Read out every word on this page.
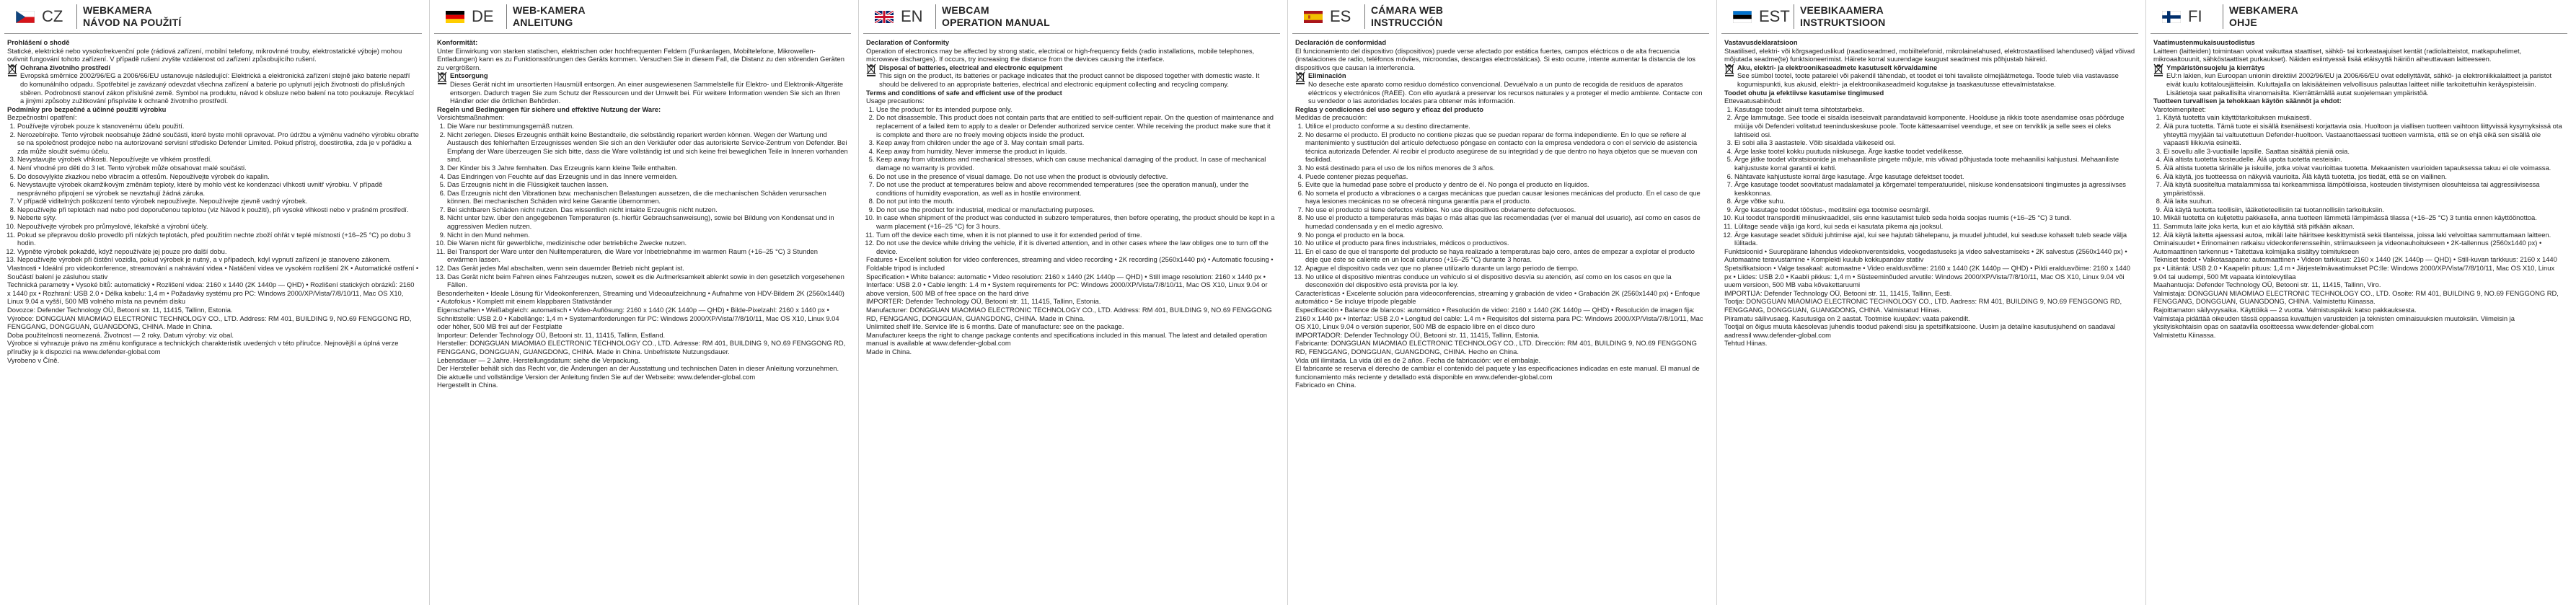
CZ	WEBKAMERA
NÁVOD NA POUŽITÍ

Prohlášení o shodě

Statické, elektrické nebo vysokofrekvenční pole (rádiová zařízení, mobilní telefony, mikrovlnné trouby, elektrostatické výboje) mohou ovlivnit fungování tohoto zařízení. V případě rušení zvyšte vzdálenost od zařízení způsobujícího rušení.

Ochrana životního prostředí
Evropská směrnice 2002/96/EG a 2006/66/EU ustanovuje následující: Elektrická a elektronická zařízení stejně jako baterie nepatří do komunálního odpadu. Spotřebitel je zavázaný odevzdat všechna zařízení a baterie po uplynutí jejich životnosti do příslušných sběren. Podrobnosti stanoví zákon příslušné země. Symbol na produktu, návod k obsluze nebo balení na toto poukazuje. Recyklací a jinými způsoby zužitkování přispíváte k ochraně životního prostředí.

Podmínky pro bezpečné a účinné použití výrobku

Bezpečnostní opatření:

1. Používejte výrobek pouze k stanovenému účelu použití.
2. Nerozebírejte. Tento výrobek neobsahuje žádné součásti, které byste mohli opravovat. Pro údržbu a výměnu vadného výrobku obraťte se na společnost prodejce nebo na autorizované servisní středisko Defender Limited. Pokud přístroj, doestirotka, zda je v pořádku a zda může sloužit svému účelu.
3. Nevystavujte výrobek vlhkosti. Nepoužívejte ve vlhkém prostředí.
4. Není vhodné pro děti do 3 let. Tento výrobek může obsahovat malé součásti.
5. Do dosovylykte zkazkou nebo vibracím a otřesům. Nepoužívejte výrobek do kapalin.
6. Nevystavujte výrobek okamžikovým změnám teploty, které by mohlo vést ke kondenzaci vlhkosti uvnitř výrobku. V případě nesprávného připojení se výrobek se nevztahují žádná záruka.
7. V případě viditelných poškození tento výrobek nepoužívejte. Nepoužívejte zjevně vadný výrobek.
8. Nepoužívejte při teplotách nad nebo pod doporučenou teplotou (viz Návod k použití), při vysoké vlhkosti nebo v prašném prostředí.
9. Neberte sýty.
10. Nepoužívejte výrobek pro průmyslové, lékařské a výrobní účely.
11. Pokud se přepravou došlo provedlo při nízkých teplotách, před použitím nechte zboží ohřát v teplé místnosti (+16–25 °C) po dobu 3 hodin.
12. Vypněte výrobek pokaždé, když nepoužíváte jej pouze pro další dobu.
13. Nepoužívejte výrobek při čistění vozidla, pokud výrobek je nutný, a v případech, kdyl vypnutí zařízení je stanoveno zákonem.

Vlastnosti • Ideální pro videokonference, streamování a nahrávání videa • Natáčení videa ve vysokém rozlišení 2K • Automatické ostření • Součástí balení je zásluhou stativ

Technická parametry • Vysoké bitů: automatický • Rozlišení videa: 2160 x 1440 (2K 1440p — QHD) • Rozlišení statických obrázků: 2160 x 1440 px • Rozhraní: USB 2.0 • Délka kabelu: 1,4 m • Požadavky systému pro PC: Windows 2000/XP/Vista/7/8/10/11, Mac OS X10, Linux 9.04 a vyšší, 500 MB volného místa na pevném disku

Dovozce: Defender Technology OÜ, Betooni str. 11, 11415, Tallinn, Estonia.

Výrobce: DONGGUAN MIAOMIAO ELECTRONIC TECHNOLOGY CO., LTD. Address: RM 401, BUILDING 9, NO.69 FENGGONG RD, FENGGANG, DONGGUAN, GUANGDONG, CHINA. Made in China.

Doba použitelnosti neomezená. Životnost — 2 roky. Datum výroby: viz obal.

Výrobce si vyhrazuje právo na změnu konfigurace a technických charakteristik uvedených v této příručce. Nejnovější a úplná verze příručky je k dispozici na www.defender-global.com

Vyrobeno v Číně.

DE	WEB-KAMERA
ANLEITUNG

Konformität:

Unter Einwirkung von starken statischen, elektrischen oder hochfrequenten Feldern (Funkanlagen, Mobiltelefone, Mikrowellen-Entladungen) kann es zu Funktionsstörungen des Geräts kommen. Versuchen Sie in diesem Fall, die Distanz zu den störenden Geräten zu vergrößern.

Entsorgung
Dieses Gerät nicht im unsortierten Hausmüll entsorgen. An einer ausgewiesenen Sammelstelle für Elektro- und Elektronik-Altgeräte entsorgen. Dadurch tragen Sie zum Schutz der Ressourcen und der Umwelt bei. Für weitere Information wenden Sie sich an Ihren Händler oder die örtlichen Behörden.

Regeln und Bedingungen für sichere und effektive Nutzung der Ware:

Vorsichtsmaßnahmen:

1. Die Ware nur bestimmungsgemäß nutzen.
2. Nicht zerlegen. Dieses Erzeugnis enthält keine Bestandteile, die selbständig repariert werden können. Wegen der Wartung und Austausch des fehlerhaften Erzeugnisses wenden Sie sich an den Verkäufer oder das autorisierte Service-Zentrum von Defender. Bei Empfang der Ware überzeugen Sie sich bitte, dass die Ware vollständig ist und sich keine frei beweglichen Teile in Inneren vorhanden sind.
3. Der Kinder bis 3 Jahre fernhalten. Das Erzeugnis kann kleine Teile enthalten.
4. Das Eindringen von Feuchte auf das Erzeugnis und in das Innere vermeiden.
5. Das Erzeugnis nicht in die Flüssigkeit tauchen lassen.
6. Das Erzeugnis nicht den Vibrationen bzw. mechanischen Belastungen aussetzen, die die mechanischen Schäden verursachen können. Bei mechanischen Schäden wird keine Garantie übernommen.
7. Bei sichtbaren Schäden nicht nutzen. Das wissentlich nicht intakte Erzeugnis nicht nutzen.
8. Nicht unter bzw. über den angegebenen Temperaturen (s. hierfür Gebrauchsanweisung), sowie bei Bildung von Kondensat und in aggressiven Medien nutzen.
9. Nicht in den Mund nehmen.
10. Die Waren nicht für gewerbliche, medizinische oder betriebliche Zwecke nutzen.
11. Bei Transport der Ware unter den Nulltemperaturen, die Ware vor Inbetriebnahme im warmen Raum (+16–25 °C) 3 Stunden erwärmen lassen.
12. Das Gerät jedes Mal abschalten, wenn sein dauernder Betrieb nicht geplant ist.
13. Das Gerät nicht beim Fahren eines Fahrzeuges nutzen, soweit es die Aufmerksamkeit ablenkt sowie in den gesetzlich vorgesehenen Fällen.

Besonderheiten • Ideale Lösung für Videokonferenzen, Streaming und Videoaufzeichnung • Aufnahme von HDV-Bildern 2K (2560x1440) • Autofokus • Komplett mit einem klappbaren Stativständer

Eigenschaften • Weißabgleich: automatisch • Video-Auflösung: 2160 x 1440 (2K 1440p — QHD) • Bilde-Pixelzahl: 2160 x 1440 px • Schnittstelle: USB 2.0 • Kabellänge: 1,4 m • Systemanforderungen für PC: Windows 2000/XP/Vista/7/8/10/11, Mac OS X10, Linux 9.04 oder höher, 500 MB frei auf der Festplatte

Importeur: Defender Technology OÜ, Betooni str. 11, 11415, Tallinn, Estland.

Hersteller: DONGGUAN MIAOMIAO ELECTRONIC TECHNOLOGY CO., LTD. Adresse: RM 401, BUILDING 9, NO.69 FENGGONG RD, FENGGANG, DONGGUAN, GUANGDONG, CHINA. Made in China. Unbefristete Nutzungsdauer.

Lebensdauer — 2 Jahre. Herstellungsdatum: siehe die Verpackung.

Der Hersteller behält sich das Recht vor, die Änderungen an der Ausstattung und technischen Daten in dieser Anleitung vorzunehmen. Die aktuelle und vollständige Version der Anleitung finden Sie auf der Webseite: www.defender-global.com

Hergestellt in China.

EN	WEBCAM
OPERATION MANUAL

Declaration of Conformity

Operation of electronics may be affected by strong static, electrical or high-frequency fields (radio installations, mobile telephones, microwave discharges). If occurs, try increasing the distance from the devices causing the interface.

Disposal of batteries, electrical and electronic equipment
This sign on the product, its batteries or package indicates that the product cannot be disposed together with domestic waste. It should be delivered to an appropriate batteries, electrical and electronic equipment collecting and recycling company.

Terms and conditions of safe and efficient use of the product

Usage precautions:

1. Use the product for its intended purpose only.
2. Do not disassemble. This product does not contain parts that are entitled to self-sufficient repair. On the question of maintenance and replacement of a failed item to apply to a dealer or Defender authorized service center. While receiving the product make sure that it is complete and there are no freely moving objects inside the product.
3. Keep away from children under the age of 3. May contain small parts.
4. Keep away from humidity. Never immerse the product in liquids.
5. Keep away from vibrations and mechanical stresses, which can cause mechanical damaging of the product. In case of mechanical damage no warranty is provided.
6. Do not use in the presence of visual damage. Do not use when the product is obviously defective.
7. Do not use the product at temperatures below and above recommended temperatures (see the operation manual), under the conditions of humidity evaporation, as well as in hostile environment.
8. Do not put into the mouth.
9. Do not use the product for industrial, medical or manufacturing purposes.
10. In case when shipment of the product was conducted in subzero temperatures, then before operating, the product should be kept in a warm placement (+16–25 °C) for 3 hours.
11. Turn off the device each time, when it is not planned to use it for extended period of time.
12. Do not use the device while driving the vehicle, if it is diverted attention, and in other cases where the law obliges one to turn off the device.

Features • Excellent solution for video conferences, streaming and video recording • 2K recording (2560x1440 px) • Automatic focusing • Foldable tripod is included

Specification • White balance: automatic • Video resolution: 2160 x 1440 (2K 1440p — QHD) • Still image resolution: 2160 x 1440 px • Interface: USB 2.0 • Cable length: 1.4 m • System requirements for PC: Windows 2000/XP/Vista/7/8/10/11, Mac OS X10, Linux 9.04 or above version, 500 MB of free space on the hard drive

IMPORTER: Defender Technology OÜ, Betooni str. 11, 11415, Tallinn, Estonia.

Manufacturer: DONGGUAN MIAOMIAO ELECTRONIC TECHNOLOGY CO., LTD. Address: RM 401, BUILDING 9, NO.69 FENGGONG RD, FENGGANG, DONGGUAN, GUANGDONG, CHINA. Made in China.

Unlimited shelf life. Service life is 6 months. Date of manufacture: see on the package.

Manufacturer keeps the right to change package contents and specifications included in this manual. The latest and detailed operation manual is available at www.defender-global.com

Made in China.

ES	CÁMARA WEB
INSTRUCCIÓN

Declaración de conformidad

El funcionamiento del dispositivo (dispositivos) puede verse afectado por estática fuertes, campos eléctricos o de alta frecuencia (instalaciones de radio, teléfonos móviles, microondas, descargas electrostáticas). Si esto ocurre, intente aumentar la distancia de los dispositivos que causan la interferencia.

Eliminación
No deseche este aparato como residuo doméstico convencional. Devuélvalo a un punto de recogida de residuos de aparatos eléctricos y electrónicos (RAEE). Con ello ayudará a preservar los recursos naturales y a proteger el medio ambiente. Contacte con su vendedor o las autoridades locales para obtener más información.

Reglas y condiciones del uso seguro y eficaz del producto

Medidas de precaución:

1. Utilice el producto conforme a su destino directamente.
2. No desarme el producto. El producto no contiene piezas que se puedan reparar de forma independiente. En lo que se refiere al mantenimiento y sustitución del artículo defectuoso póngase en contacto con la empresa vendedora o con el servicio de asistencia técnica autorizada Defender. Al recibir el producto asegúrese de su integridad y de que dentro no haya objetos que se muevan con facilidad.
3. No está destinado para el uso de los niños menores de 3 años.
4. Puede contener piezas pequeñas.
5. Evite que la humedad pase sobre el producto y dentro de él. No ponga el producto en líquidos.
6. No someta el producto a vibraciones o a cargas mecánicas que puedan causar lesiones mecánicas del producto. En el caso de que haya lesiones mecánicas no se ofrecerá ninguna garantía para el producto.
7. No use el producto si tiene defectos visibles. No use dispositivos obviamente defectuosos.
8. No use el producto a temperaturas más bajas o más altas que las recomendadas (ver el manual del usuario), así como en casos de humedad condensada y en el medio agresivo.
9. No ponga el producto en la boca.
10. No utilice el producto para fines industriales, médicos o productivos.
11. En el caso de que el transporte del producto se haya realizado a temperaturas bajo cero, antes de empezar a explotar el producto deje que éste se caliente en un local caluroso (+16–25 °C) durante 3 horas.
12. Apague el dispositivo cada vez que no planee utilizarlo durante un largo periodo de tiempo.
13. No utilice el dispositivo mientras conduce un vehículo si el dispositivo desvía su atención, así como en los casos en que la desconexión del dispositivo está prevista por la ley.

Características • Excelente solución para videoconferencias, streaming y grabación de video • Grabación 2K (2560x1440 px) • Enfoque automático • Se incluye trípode plegable

Especificación • Balance de blancos: automático • Resolución de video: 2160 x 1440 (2K 1440p — QHD) • Resolución de imagen fija: 2160 x 1440 px • Interfaz: USB 2.0 • Longitud del cable: 1.4 m • Requisitos del sistema para PC: Windows 2000/XP/Vista/7/8/10/11, Mac OS X10, Linux 9.04 o versión superior, 500 MB de espacio libre en el disco duro

IMPORTADOR: Defender Technology OÜ, Betooni str. 11, 11415, Tallinn, Estonia.

Fabricante: DONGGUAN MIAOMIAO ELECTRONIC TECHNOLOGY CO., LTD. Dirección: RM 401, BUILDING 9, NO.69 FENGGONG RD, FENGGANG, DONGGUAN, GUANGDONG, CHINA. Hecho en China.

Vida útil ilimitada. La vida útil es de 2 años. Fecha de fabricación: ver el embalaje.

El fabricante se reserva el derecho de cambiar el contenido del paquete y las especificaciones indicadas en este manual. El manual de funcionamiento más reciente y detallado está disponible en www.defender-global.com

Fabricado en China.

EST	VEEBIKAAMERA
INSTRUKTSIOON

Vastavusdeklaratsioon

Staatilised, elektri- või kõrgsageduslikud (raadioseadmed, mobiiltelefonid, mikrolainelahused, elektrostaatilised lahendused) väljad võivad mõjutada seadme(te) funktsioneerimist. Häirete korral suurendage kaugust seadmest mis põhjustab häireid.

Aku, elektri- ja elektroonikaseadmete kasutuselt kõrvaldamine
See sümbol tootel, toote patareiel või pakendil tähendab, et toodet ei tohi tavaliste olmejäätmetega. Toode tuleb viia vastavasse kogumispunkti, kus akusid, elektri- ja elektroonikaseadmeid kogutakse ja taaskasutusse ettevalmistatakse.

Toodet ohutu ja efektiivse kasutamise tingimused

Ettevaatusabinõud:

1. Kasutage toodet ainult tema sihtotstarbeks.
2. Ärge lammutage. See toode ei sisalda iseseisvalt parandatavaid komponente. Hoolduse ja rikkis toote asendamise osas pöörduge müüja või Defenderi volitatud teeninduskeskuse poole. Toote kättesaamisel veenduge, et see on terviklik ja selle sees ei oleks lahtiseid osi.
3. Ei sobi alla 3 aastastele. Võib sisaldada väikeseid osi.
4. Ärge laske tootel kokku puutuda niiskusega. Ärge kastke toodet vedelikesse.
5. Ärge jätke toodet vibratsioonide ja mehaaniliste pingete mõjule, mis võivad põhjustada toote mehaanilisi kahjustusi. Mehaaniliste kahjustuste korral garantii ei kehti.
6. Nähtavate kahjustuste korral ärge kasutage. Ärge kasutage defektset toodet.
7. Ärge kasutage toodet soovitatust madalamatel ja kõrgematel temperatuuridel, niiskuse kondensatsiooni tingimustes ja agressiivses keskkonnas.
8. Ärge võtke suhu.
9. Ärge kasutage toodet tööstus-, meditsiini ega tootmise eesmärgil.
10. Kui toodet transporditi miinuskraadidel, siis enne kasutamist tuleb seda hoida soojas ruumis (+16–25 °C) 3 tundi.
11. Lülitage seade välja iga kord, kui seda ei kasutata pikema aja jooksul.
12. Ärge kasutage seadet sõiduki juhtimise ajal, kui see hajutab tähelepanu, ja muudel juhtudel, kui seaduse kohaselt tuleb seade välja lülitada.

Funktsioonid • Suurepärane lahendus videokonverentsideks, voogedastuseks ja video salvestamiseks • 2K salvestus (2560x1440 px) • Automaatne teravustamine • Komplekti kuulub kokkupandav statiiv

Spetsifikatsioon • Valge tasakaal: automaatne • Video eraldusvõime: 2160 x 1440 (2K 1440p — QHD) • Pildi eraldusvõime: 2160 x 1440 px • Liides: USB 2.0 • Kaabli pikkus: 1,4 m • Süsteeminõuded arvutile: Windows 2000/XP/Vista/7/8/10/11, Mac OS X10, Linux 9.04 või uuem versioon, 500 MB vaba kõvakettaruumi

IMPORTIJA: Defender Technology OÜ, Betooni str. 11, 11415, Tallinn, Eesti.

Tootja: DONGGUAN MIAOMIAO ELECTRONIC TECHNOLOGY CO., LTD. Aadress: RM 401, BUILDING 9, NO.69 FENGGONG RD, FENGGANG, DONGGUAN, GUANGDONG, CHINA. Valmistatud Hiinas.

Piiramatu säilivusaeg. Kasutusiga on 2 aastat. Tootmise kuupäev: vaata pakendilt.

Tootjal on õigus muuta käesolevas juhendis toodud pakendi sisu ja spetsifikatsioone. Uusim ja detailne kasutusjuhend on saadaval aadressil www.defender-global.com

Tehtud Hiinas.

FI	WEBKAMERA
OHJE

Vaatimustenmukaisuustodistus

Laitteen (laitteiden) toimintaan voivat vaikuttaa staattiset, sähkö- tai korkeataajuiset kentät (radiolaitteistot, matkapuhelimet, mikroaaltouunit, sähköstaattiset purkaukset). Näiden esiintyessä lisää etäisyyttä häiriön aiheuttavaan laitteeseen.

Ympäristönsuojelu ja kierrätys
EU:n lakien, kun Euroopan unionin direktiivi 2002/96/EU ja 2006/66/EU ovat edellyttävät, sähkö- ja elektroniikkalaitteet ja paristot eivät kuulu kotitalousjätteisiin. Kuluttajalla on lakisääteinen velvollisuus palauttaa laitteet niille tarkoitettuihin keräyspisteisiin. Lisätietoja saat paikallisilta viranomaisilta. Kierrättämällä autat suojelemaan ympäristöä.

Tuotteen turvallisen ja tehokkaan käytön säännöt ja ehdot:

Varotoimenpiteet:

1. Käytä tuotetta vain käyttötarkoituksen mukaisesti.
2. Älä pura tuotetta. Tämä tuote ei sisällä itsenäisesti korjattavia osia. Huoltoon ja viallisen tuotteen vaihtoon liittyvissä kysymyksissä ota yhteyttä myyjään tai valtuutettuun Defender-huoltoon. Vastaanottaessasi tuotteen varmista, että se on ehjä eikä sen sisällä ole vapaasti liikkuvia esineitä.
3. Ei sovellu alle 3-vuotiaille lapsille. Saattaa sisältää pieniä osia.
4. Älä altista tuotetta kosteudelle. Älä upota tuotetta nesteisiin.
5. Älä altista tuotetta tärinälle ja iskuille, jotka voivat vaurioittaa tuotetta. Mekaanisten vaurioiden tapauksessa takuu ei ole voimassa.
6. Älä käytä, jos tuotteessa on näkyviä vaurioita. Älä käytä tuotetta, jos tiedät, että se on viallinen.
7. Älä käytä suositeltua matalammissa tai korkeammissa lämpötiloissa, kosteuden tiivistymisen olosuhteissa tai aggressiivisessa ympäristössä.
8. Älä laita suuhun.
9. Älä käytä tuotetta teollisiin, lääketieteellisiin tai tuotannollisiin tarkoituksiin.
10. Mikäli tuotetta on kuljetettu pakkasella, anna tuotteen lämmetä lämpimässä tilassa (+16–25 °C) 3 tuntia ennen käyttöönottoa.
11. Sammuta laite joka kerta, kun et aio käyttää sitä pitkään aikaan.
12. Älä käytä laitetta ajaessasi autoa, mikäli laite häiritsee keskittymistä sekä tilanteissa, joissa laki velvoittaa sammuttamaan laitteen.

Ominaisuudet • Erinomainen ratkaisu videokonferensseihin, striimaukseen ja videonauhoitukseen • 2K-tallennus (2560x1440 px) • Automaattinen tarkennus • Taitettava kolmijalka sisältyy toimitukseen

Tekniset tiedot • Valkotasapaino: automaattinen • Videon tarkkuus: 2160 x 1440 (2K 1440p — QHD) • Still-kuvan tarkkuus: 2160 x 1440 px • Liitäntä: USB 2.0 • Kaapelin pituus: 1,4 m • Järjestelmävaatimukset PC:lle: Windows 2000/XP/Vista/7/8/10/11, Mac OS X10, Linux 9.04 tai uudempi, 500 Mt vapaata kiintolevytilaa

Maahantuoja: Defender Technology OÜ, Betooni str. 11, 11415, Tallinn, Viro.

Valmistaja: DONGGUAN MIAOMIAO ELECTRONIC TECHNOLOGY CO., LTD. Osoite: RM 401, BUILDING 9, NO.69 FENGGONG RD, FENGGANG, DONGGUAN, GUANGDONG, CHINA. Valmistettu Kiinassa.

Rajoittamaton säilyvyysaika. Käyttöikä — 2 vuotta. Valmistuspäivä: katso pakkauksesta.

Valmistaja pidättää oikeuden tässä oppaassa kuvattujen varusteiden ja teknisten ominaisuuksien muutoksiin. Viimeisin ja yksityiskohtaisin opas on saatavilla osoitteessa www.defender-global.com

Valmistettu Kiinassa.
